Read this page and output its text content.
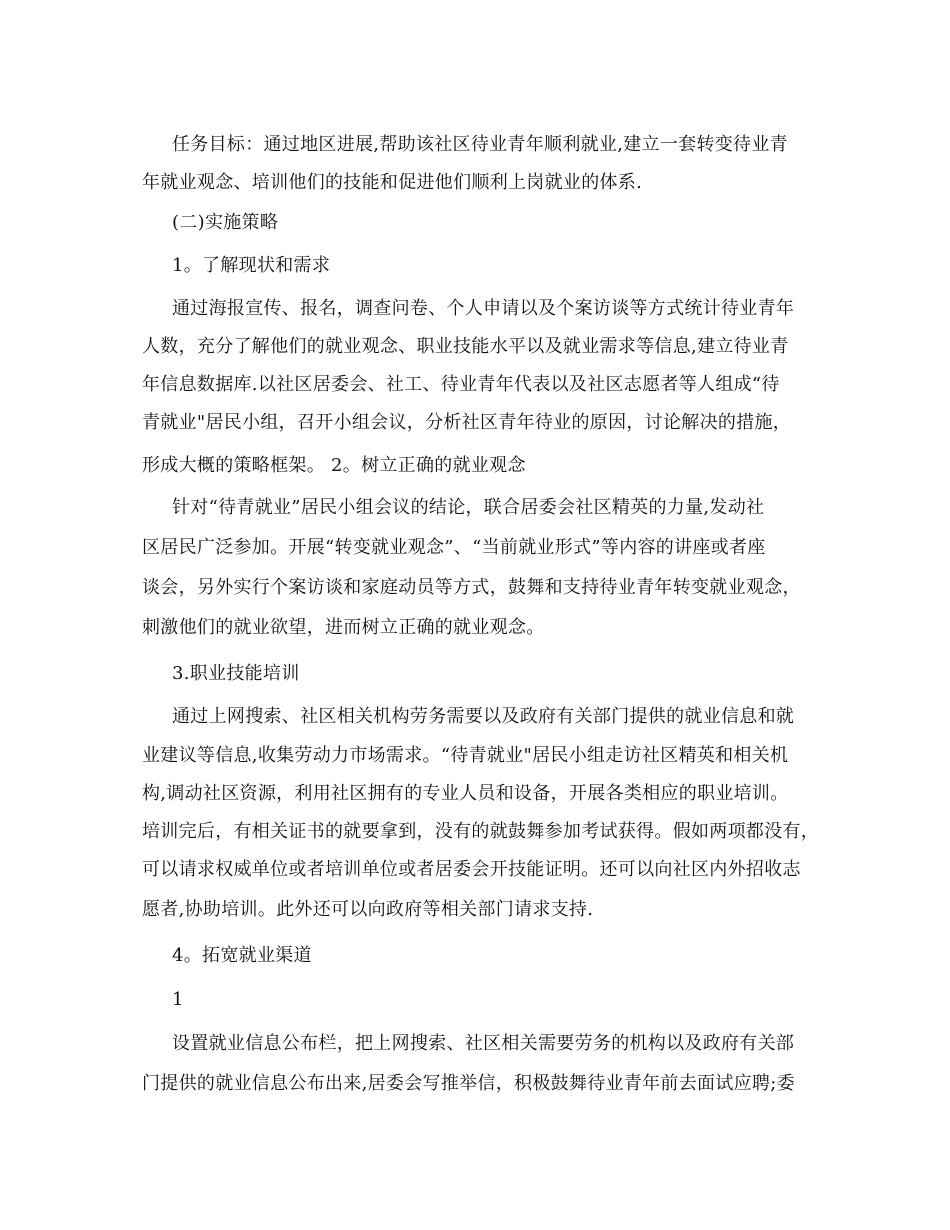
任务目标：通过地区进展,帮助该社区待业青年顺利就业,建立一套转变待业青

年就业观念、培训他们的技能和促进他们顺利上岗就业的体系.

(二)实施策略

1。了解现状和需求

通过海报宣传、报名，调查问卷、个人申请以及个案访谈等方式统计待业青年

人数，充分了解他们的就业观念、职业技能水平以及就业需求等信息,建立待业青

年信息数据库.以社区居委会、社工、待业青年代表以及社区志愿者等人组成“待

青就业"居民小组，召开小组会议，分析社区青年待业的原因，讨论解决的措施，

形成大概的策略框架。 2。树立正确的就业观念

针对“待青就业”居民小组会议的结论，联合居委会社区精英的力量,发动社

区居民广泛参加。开展“转变就业观念”、“当前就业形式”等内容的讲座或者座

谈会，另外实行个案访谈和家庭动员等方式，鼓舞和支持待业青年转变就业观念，

刺激他们的就业欲望，进而树立正确的就业观念。

3.职业技能培训

通过上网搜索、社区相关机构劳务需要以及政府有关部门提供的就业信息和就

业建议等信息,收集劳动力市场需求。“待青就业"居民小组走访社区精英和相关机

构,调动社区资源，利用社区拥有的专业人员和设备，开展各类相应的职业培训。

培训完后，有相关证书的就要拿到，没有的就鼓舞参加考试获得。假如两项都没有，

可以请求权威单位或者培训单位或者居委会开技能证明。还可以向社区内外招收志

愿者,协助培训。此外还可以向政府等相关部门请求支持.

4。拓宽就业渠道

1

设置就业信息公布栏，把上网搜索、社区相关需要劳务的机构以及政府有关部

门提供的就业信息公布出来,居委会写推举信，积极鼓舞待业青年前去面试应聘;委
